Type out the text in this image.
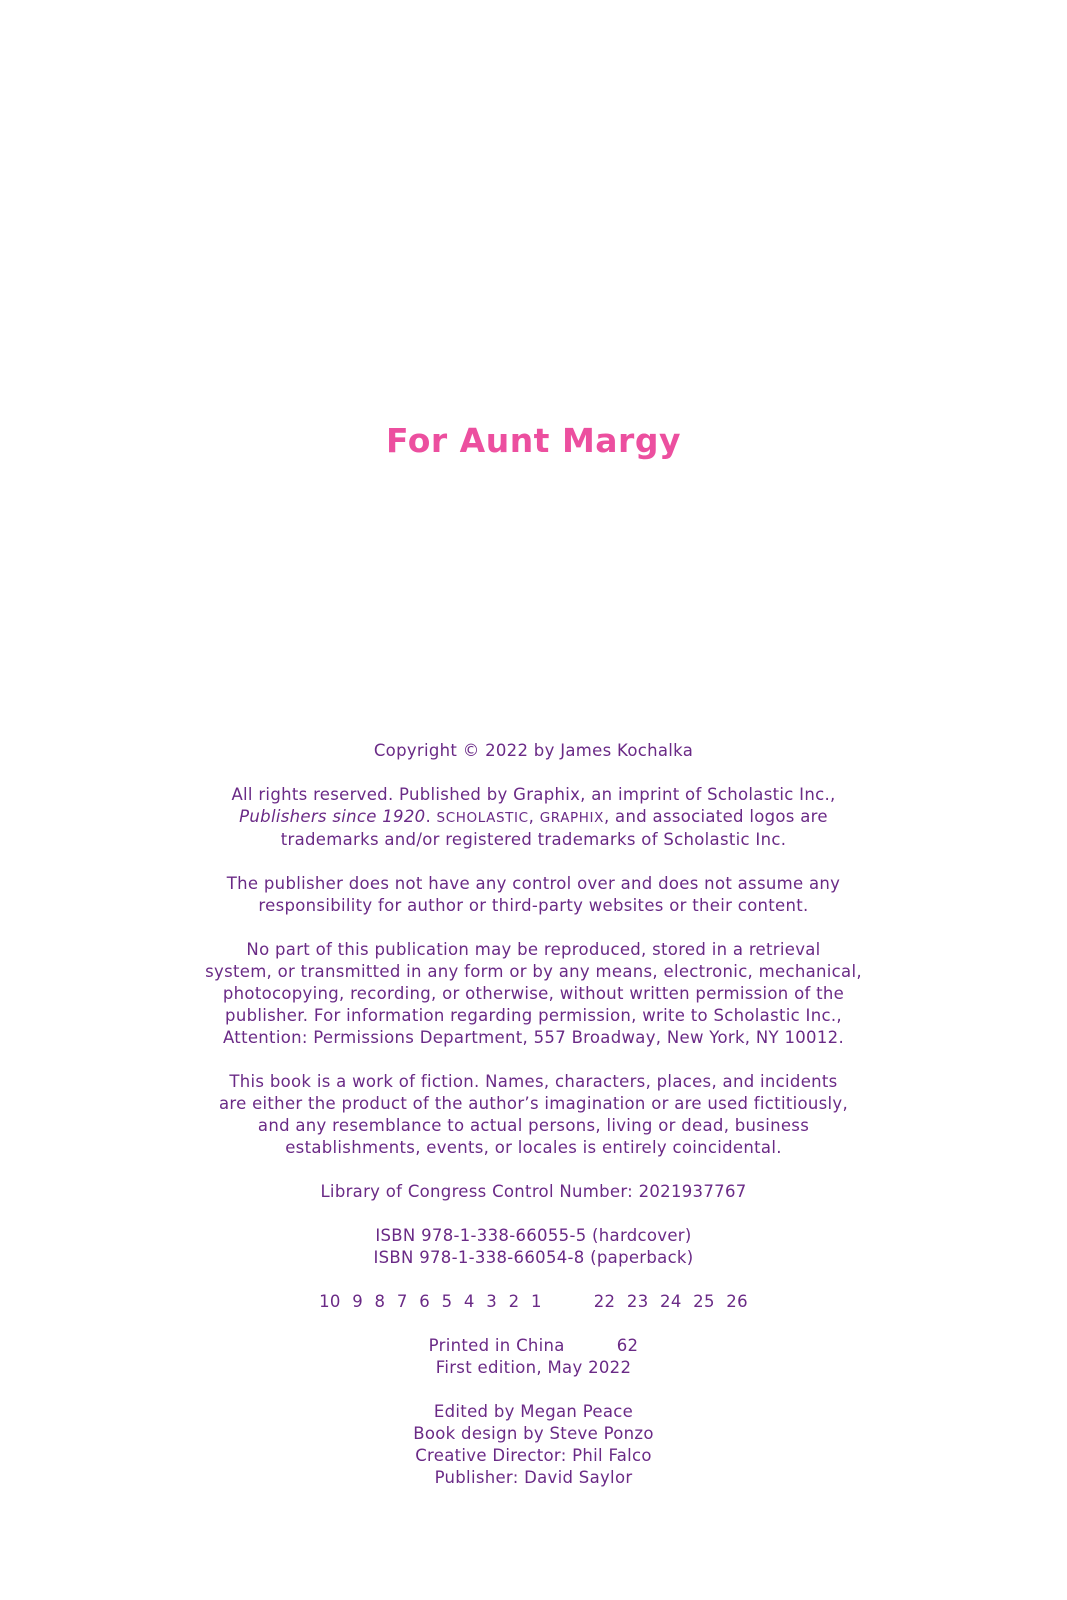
For Aunt Margy
Copyright © 2022 by James Kochalka
All rights reserved. Published by Graphix, an imprint of Scholastic Inc.,
Publishers since 1920. SCHOLASTIC, GRAPHIX, and associated logos are
trademarks and/or registered trademarks of Scholastic Inc.
The publisher does not have any control over and does not assume any
responsibility for author or third-party websites or their content.
No part of this publication may be reproduced, stored in a retrieval
system, or transmitted in any form or by any means, electronic, mechanical,
photocopying, recording, or otherwise, without written permission of the
publisher. For information regarding permission, write to Scholastic Inc.,
Attention: Permissions Department, 557 Broadway, New York, NY 10012.
This book is a work of fiction. Names, characters, places, and incidents
are either the product of the author’s imagination or are used fictitiously,
and any resemblance to actual persons, living or dead, business
establishments, events, or locales is entirely coincidental.
Library of Congress Control Number: 2021937767
ISBN 978-1-338-66055-5 (hardcover)
ISBN 978-1-338-66054-8 (paperback)
10 9 8 7 6 5 4 3 2 1	22 23 24 25 26
Printed in China	62
First edition, May 2022
Edited by Megan Peace
Book design by Steve Ponzo
Creative Director: Phil Falco
Publisher: David Saylor
